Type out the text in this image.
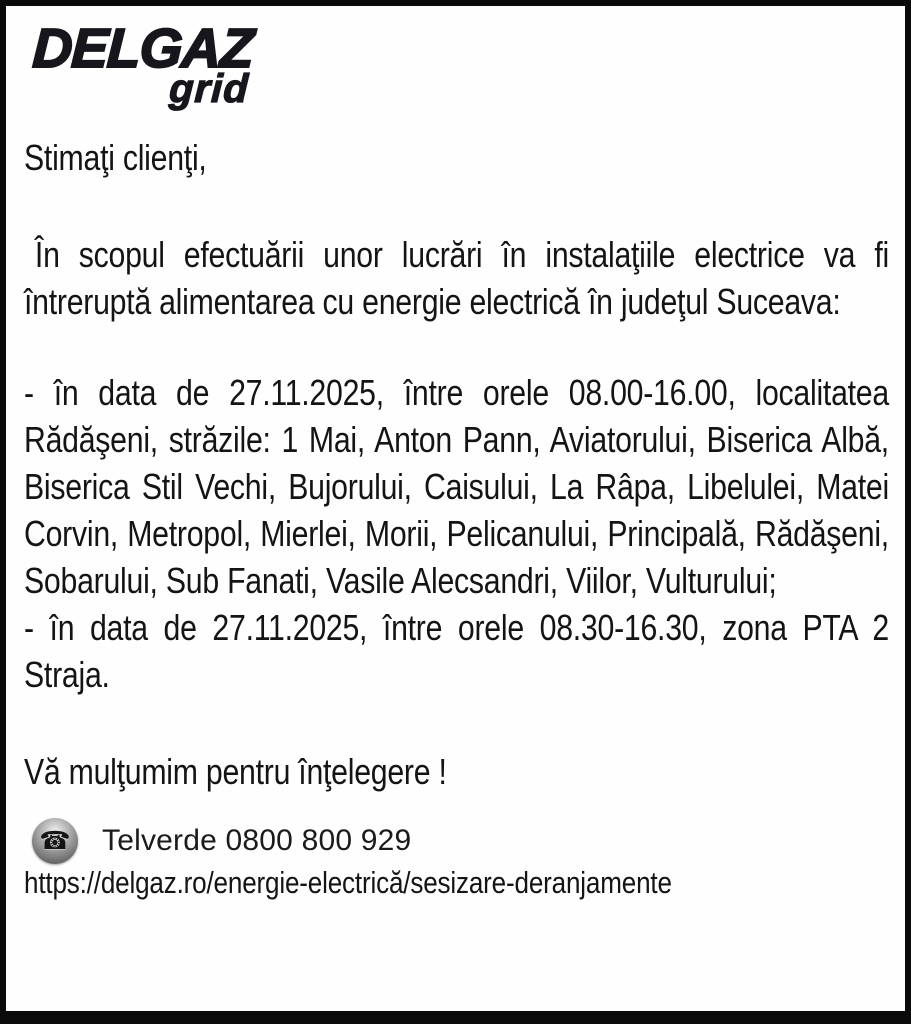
DELGAZ
grid

Stimaţi clienţi,

În scopul efectuării unor lucrări în instalaţiile electrice va fi întreruptă alimentarea cu energie electrică în judeţul Suceava:

- în data de 27.11.2025, între orele 08.00-16.00, localitatea Rădăşeni, străzile: 1 Mai, Anton Pann, Aviatorului, Biserica Albă, Biserica Stil Vechi, Bujorului, Caisului, La Râpa, Libelulei, Matei Corvin, Metropol, Mierlei, Morii, Pelicanului, Principală, Rădăşeni, Sobarului, Sub Fanati, Vasile Alecsandri, Viilor, Vulturului;

- în data de 27.11.2025, între orele 08.30-16.30, zona PTA 2 Straja.

Vă mulţumim pentru înţelegere !

☎ Telverde 0800 800 929
https://delgaz.ro/energie-electrică/sesizare-deranjamente
